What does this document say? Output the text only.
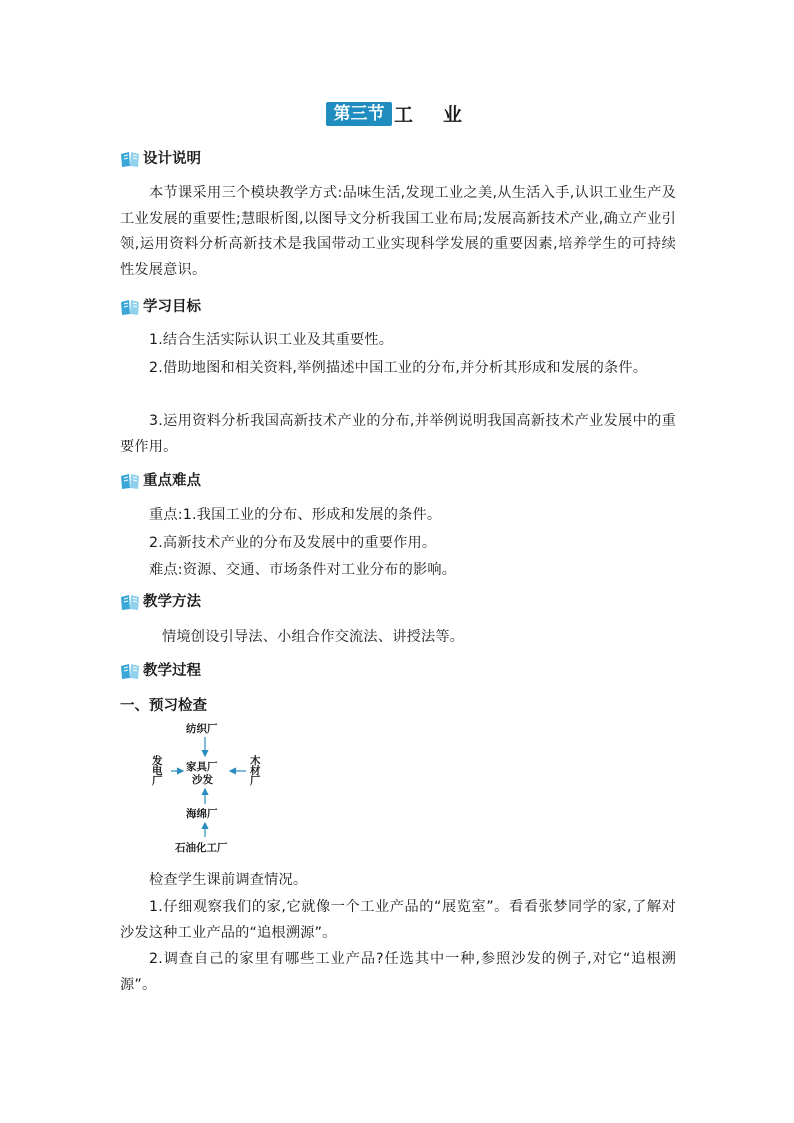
第三节 工业
设计说明
本节课采用三个模块教学方式:品味生活,发现工业之美,从生活入手,认识工业生产及工业发展的重要性;慧眼析图,以图导文分析我国工业布局;发展高新技术产业,确立产业引领,运用资料分析高新技术是我国带动工业实现科学发展的重要因素,培养学生的可持续性发展意识。
学习目标
1.结合生活实际认识工业及其重要性。
2.借助地图和相关资料,举例描述中国工业的分布,并分析其形成和发展的条件。
3.运用资料分析我国高新技术产业的分布,并举例说明我国高新技术产业发展中的重要作用。
重点难点
重点:1.我国工业的分布、形成和发展的条件。
2.高新技术产业的分布及发展中的重要作用。
难点:资源、交通、市场条件对工业分布的影响。
教学方法
情境创设引导法、小组合作交流法、讲授法等。
教学过程
一、预习检查
纺织厂
家具厂
沙发
发电厂
木材厂
海绵厂
石油化工厂
检查学生课前调查情况。
1.仔细观察我们的家,它就像一个工业产品的“展览室”。看看张梦同学的家,了解对沙发这种工业产品的“追根溯源”。
2.调查自己的家里有哪些工业产品?任选其中一种,参照沙发的例子,对它“追根溯源”。
